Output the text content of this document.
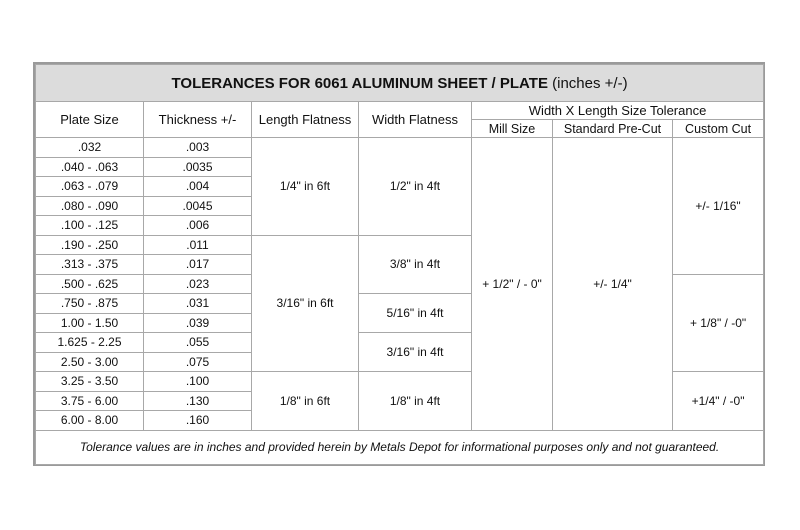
TOLERANCES FOR 6061 ALUMINUM SHEET / PLATE (inches +/-)						
Plate Size	Thickness +/-	Length Flatness	Width Flatness	Width X Length Size Tolerance		
				Mill Size	Standard Pre-Cut	Custom Cut
.032	.003	1/4" in 6ft	1/2" in 4ft	+ 1/2" / - 0"	+/- 1/4"	+/- 1/16"
.040 - .063	.0035					
.063 - .079	.004					
.080 - .090	.0045					
.100 - .125	.006					
.190 - .250	.011	3/16" in 6ft	3/8" in 4ft			
.313 - .375	.017					
.500 - .625	.023					+ 1/8" / -0"
.750 - .875	.031		5/16" in 4ft			
1.00 - 1.50	.039					
1.625 - 2.25	.055		3/16" in 4ft			
2.50 - 3.00	.075					
3.25 - 3.50	.100	1/8" in 6ft	1/8" in 4ft			+1/4" / -0"
3.75 - 6.00	.130					
6.00 - 8.00	.160					
Tolerance values are in inches and provided herein by Metals Depot for informational purposes only and not guaranteed.						
